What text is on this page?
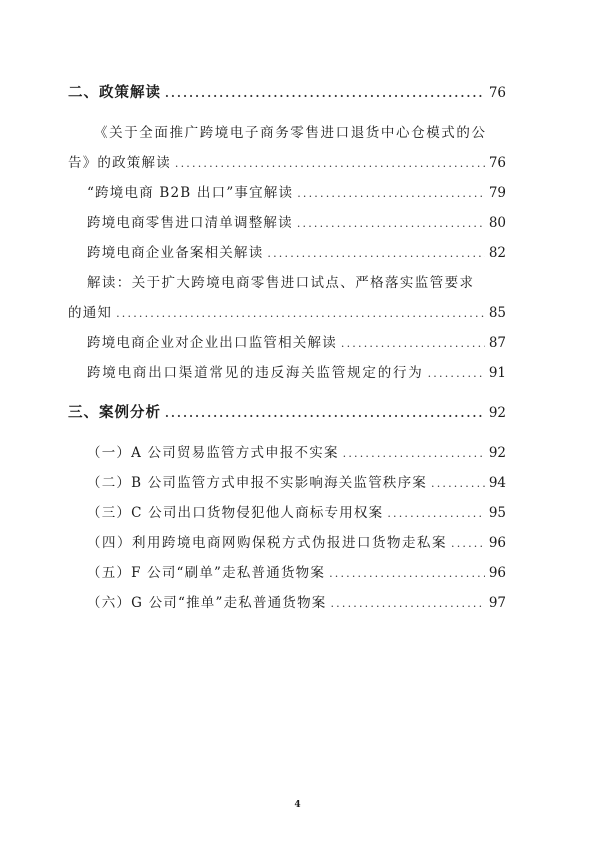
二、政策解读 .....	76
《关于全面推广跨境电子商务零售进口退货中心仓模式的公
告》的政策解读 .....	76
“跨境电商 B2B 出口”事宜解读 .....	79
跨境电商零售进口清单调整解读 .....	80
跨境电商企业备案相关解读 .....	82
解读：关于扩大跨境电商零售进口试点、严格落实监管要求
的通知 .....	85
跨境电商企业对企业出口监管相关解读 .....	87
跨境电商出口渠道常见的违反海关监管规定的行为 .....	91
三、案例分析 .....	92
（一）A 公司贸易监管方式申报不实案 .....	92
（二）B 公司监管方式申报不实影响海关监管秩序案 .....	94
（三）C 公司出口货物侵犯他人商标专用权案 .....	95
（四）利用跨境电商网购保税方式伪报进口货物走私案 .....	96
（五）F 公司“刷单”走私普通货物案 .....	96
（六）G 公司“推单”走私普通货物案 .....	97
4
